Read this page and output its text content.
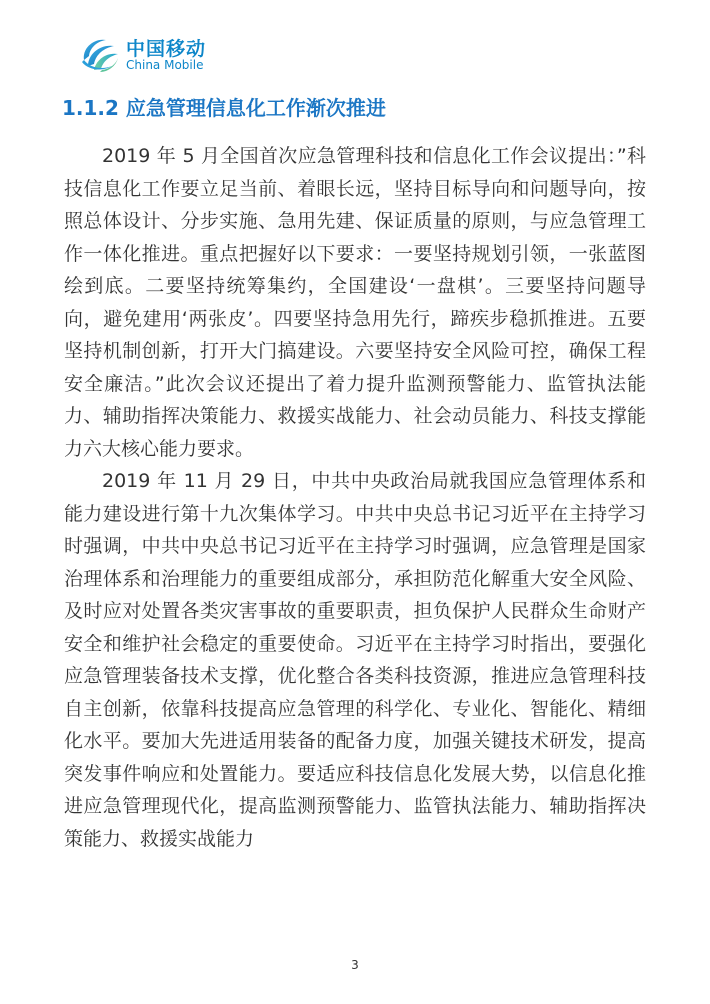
中国移动
China Mobile
1.1.2 应急管理信息化工作渐次推进

2019 年 5 月全国首次应急管理科技和信息化工作会议提出：”科技信息化工作要立足当前、着眼长远，坚持目标导向和问题导向，按照总体设计、分步实施、急用先建、保证质量的原则，与应急管理工作一体化推进。重点把握好以下要求：一要坚持规划引领，一张蓝图绘到底。二要坚持统筹集约，全国建设‘一盘棋’。三要坚持问题导向，避免建用‘两张皮’。四要坚持急用先行，蹄疾步稳抓推进。五要坚持机制创新，打开大门搞建设。六要坚持安全风险可控，确保工程安全廉洁。”此次会议还提出了着力提升监测预警能力、监管执法能力、辅助指挥决策能力、救援实战能力、社会动员能力、科技支撑能力六大核心能力要求。

2019 年 11 月 29 日，中共中央政治局就我国应急管理体系和能力建设进行第十九次集体学习。中共中央总书记习近平在主持学习时强调，中共中央总书记习近平在主持学习时强调，应急管理是国家治理体系和治理能力的重要组成部分，承担防范化解重大安全风险、及时应对处置各类灾害事故的重要职责，担负保护人民群众生命财产安全和维护社会稳定的重要使命。习近平在主持学习时指出，要强化应急管理装备技术支撑，优化整合各类科技资源，推进应急管理科技自主创新，依靠科技提高应急管理的科学化、专业化、智能化、精细化水平。要加大先进适用装备的配备力度，加强关键技术研发，提高突发事件响应和处置能力。要适应科技信息化发展大势，以信息化推进应急管理现代化，提高监测预警能力、监管执法能力、辅助指挥决策能力、救援实战能力

3
